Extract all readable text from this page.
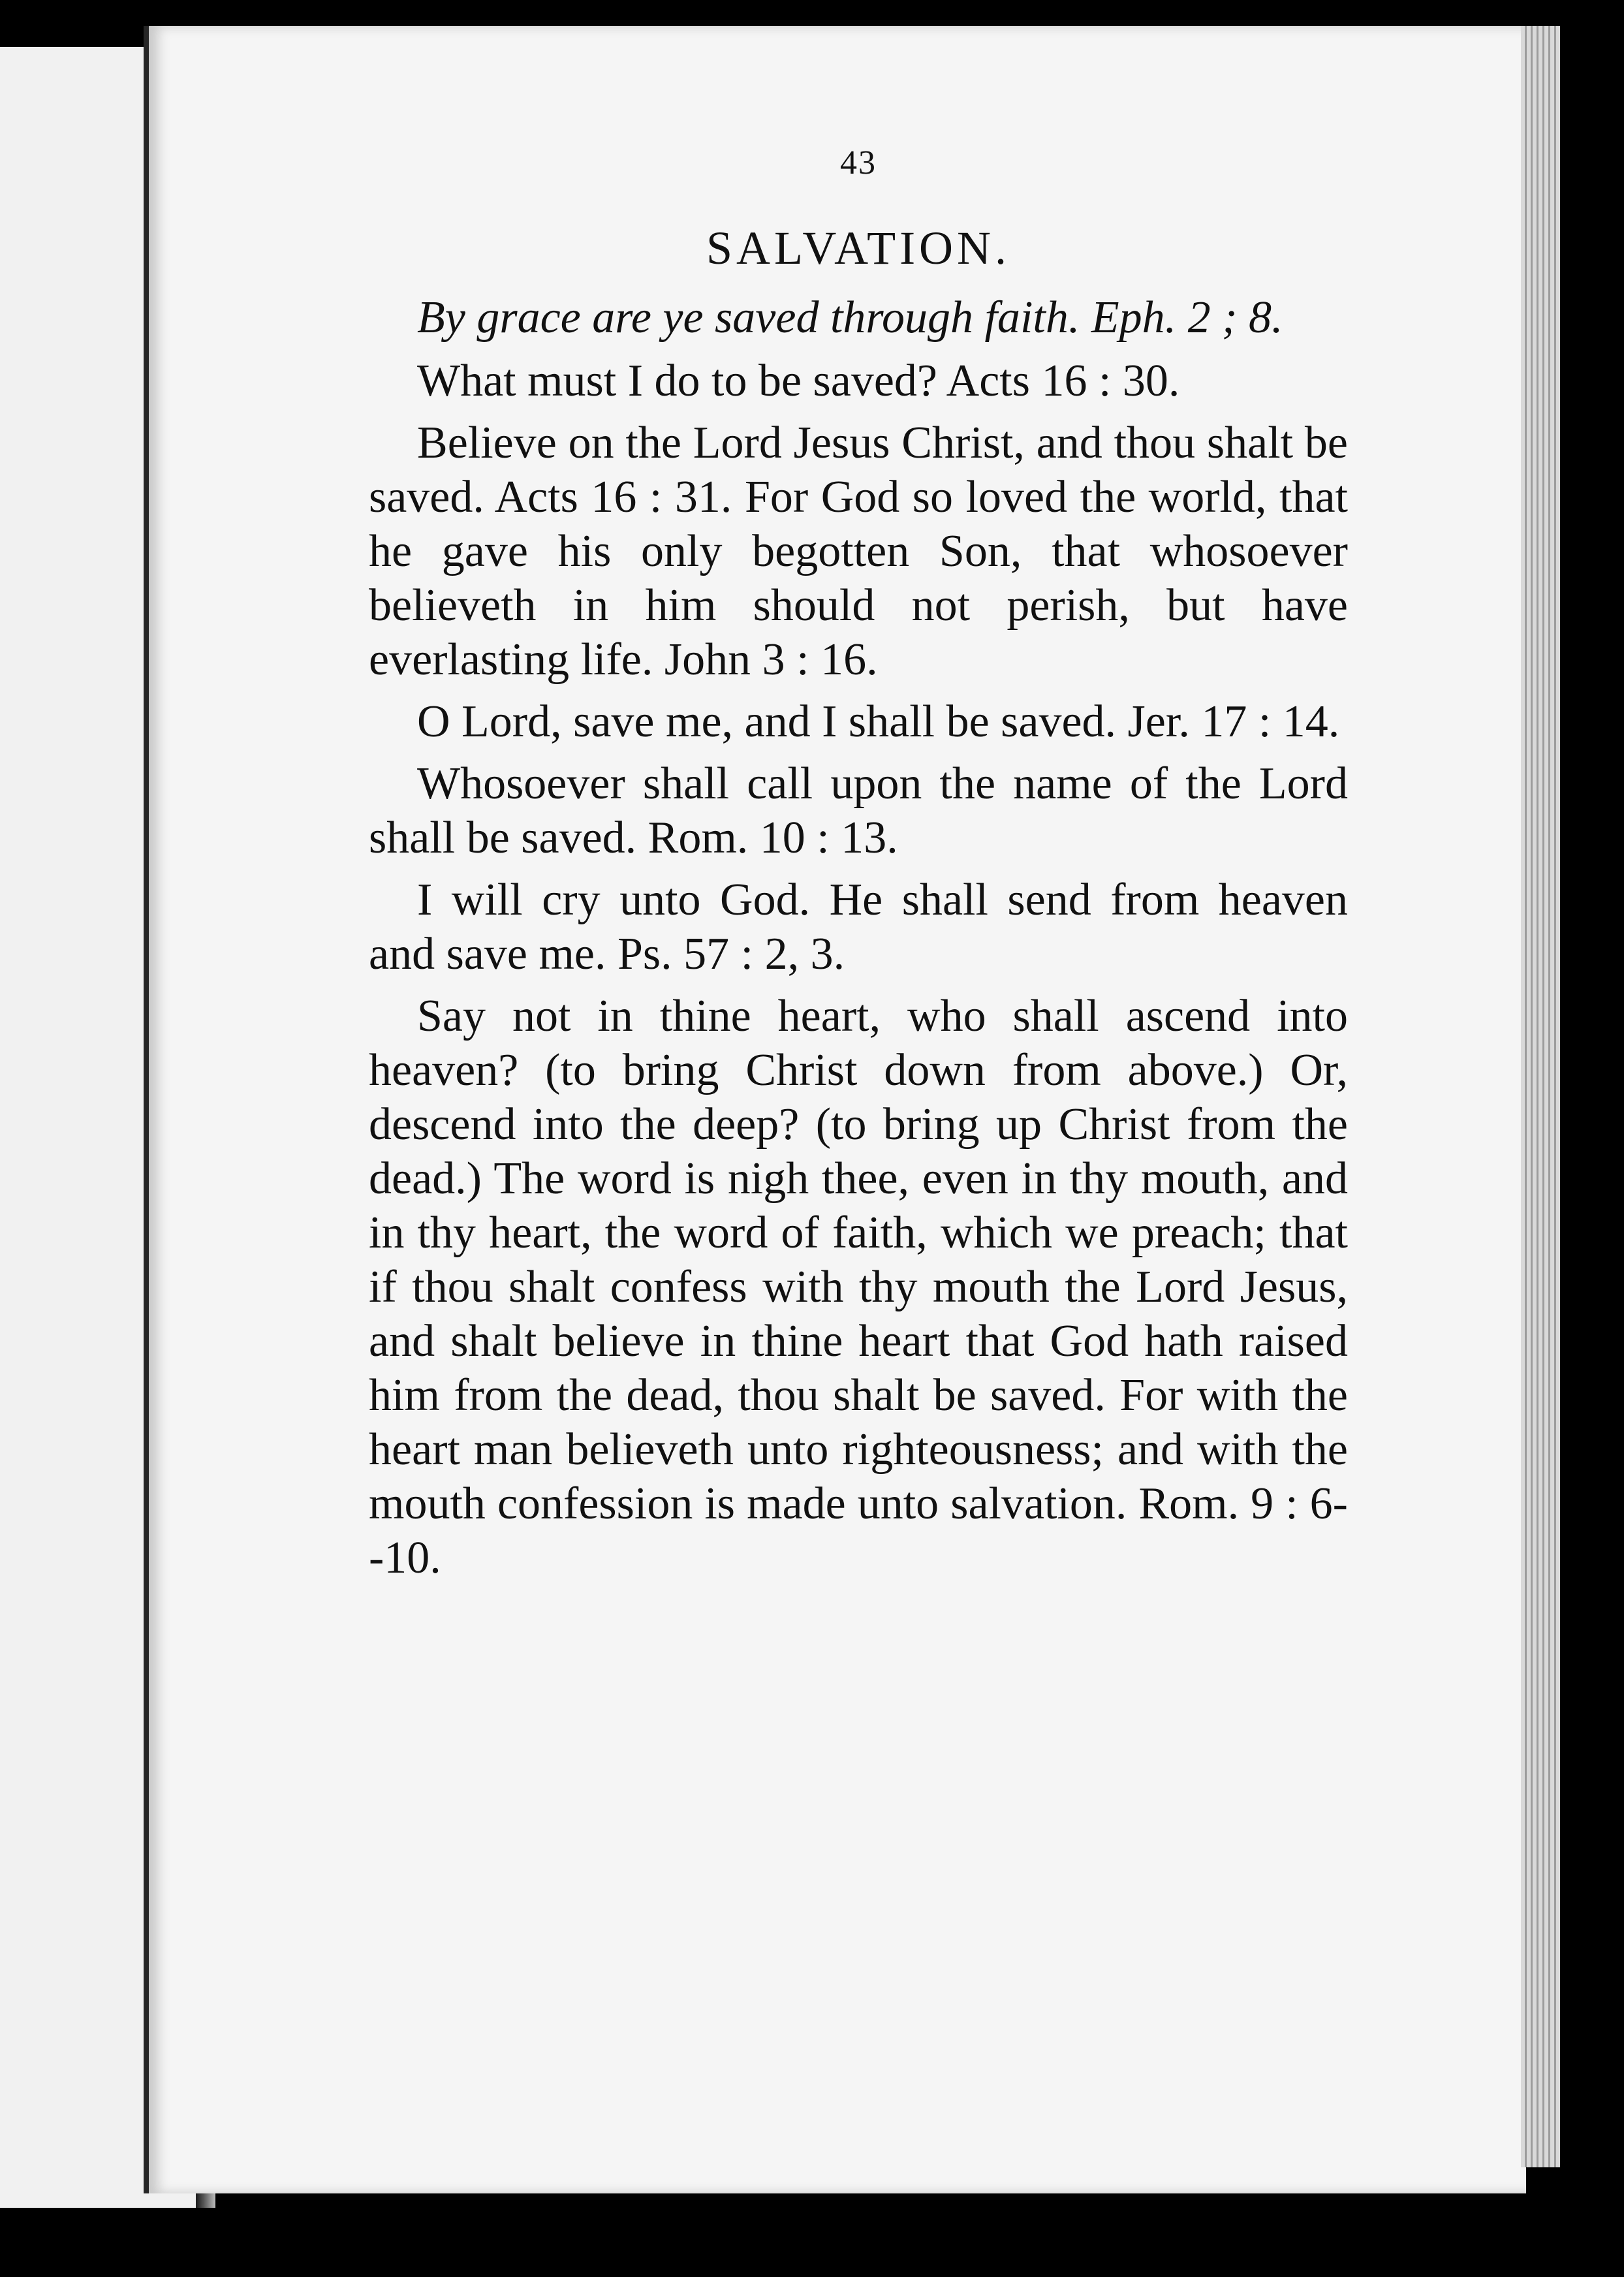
43
SALVATION.

By grace are ye saved through faith. Eph. 2 ; 8.

What must I do to be saved? Acts 16 : 30.

Believe on the Lord Jesus Christ, and thou shalt be saved. Acts 16 : 31. For God so loved the world, that he gave his only begotten Son, that whosoever believeth in him should not perish, but have everlasting life. John 3 : 16.

O Lord, save me, and I shall be saved. Jer. 17 : 14.

Whosoever shall call upon the name of the Lord shall be saved. Rom. 10 : 13.

I will cry unto God. He shall send from heaven and save me. Ps. 57 : 2, 3.

Say not in thine heart, who shall ascend into heaven? (to bring Christ down from above.) Or, descend into the deep? (to bring up Christ from the dead.) The word is nigh thee, even in thy mouth, and in thy heart, the word of faith, which we preach; that if thou shalt confess with thy mouth the Lord Jesus, and shalt believe in thine heart that God hath raised him from the dead, thou shalt be saved. For with the heart man believeth unto righteousness; and with the mouth confession is made unto salvation. Rom. 9 : 6--10.
